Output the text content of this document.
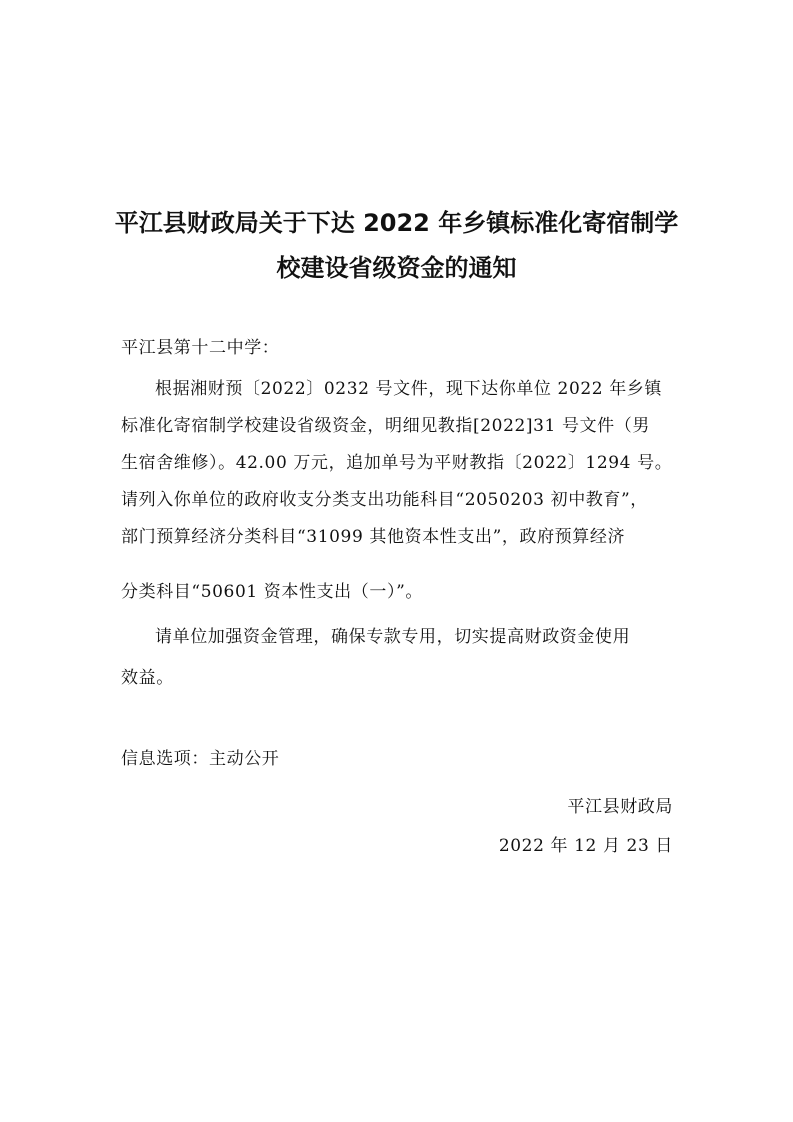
平江县财政局关于下达 2022 年乡镇标准化寄宿制学
校建设省级资金的通知
平江县第十二中学：
根据湘财预〔2022〕0232 号文件，现下达你单位 2022 年乡镇
标准化寄宿制学校建设省级资金，明细见教指[2022]31 号文件（男
生宿舍维修）。42.00 万元，追加单号为平财教指〔2022〕1294 号。
请列入你单位的政府收支分类支出功能科目“2050203 初中教育”，
部门预算经济分类科目“31099 其他资本性支出”，政府预算经济
分类科目“50601 资本性支出（一）”。
请单位加强资金管理，确保专款专用，切实提高财政资金使用
效益。
信息选项：主动公开
平江县财政局
2022 年 12 月 23 日
